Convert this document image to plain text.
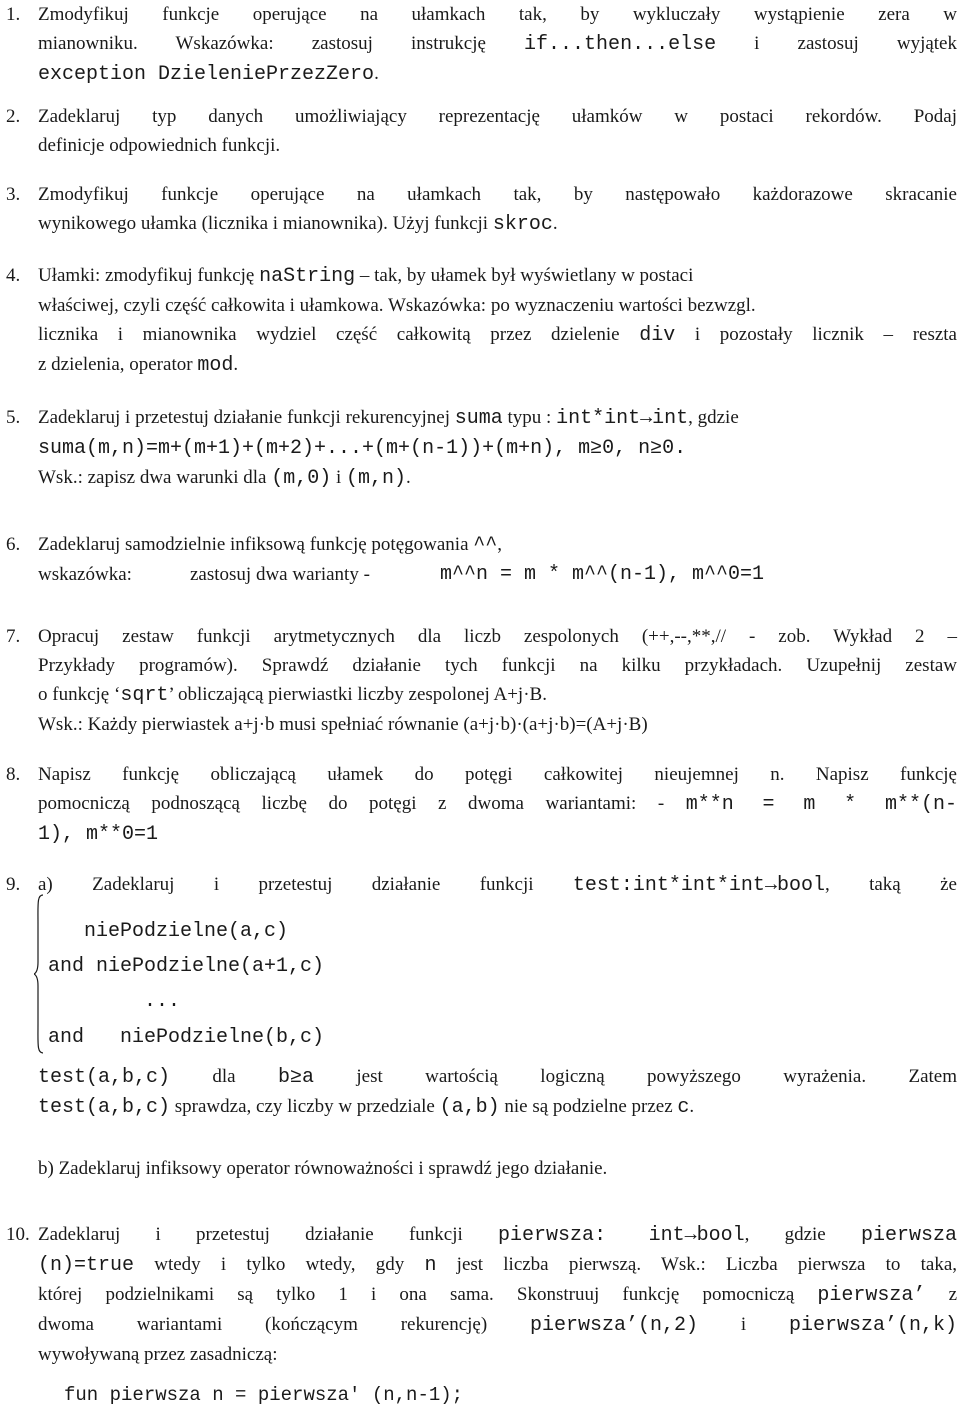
1. Zmodyfikuj funkcje operujące na ułamkach tak, by wykluczały wystąpienie zera w
mianowniku. Wskazówka: zastosuj instrukcję if...then...else i zastosuj wyjątek
exception DzieleniePrzezZero.
2. Zadeklaruj typ danych umożliwiający reprezentację ułamków w postaci rekordów. Podaj
definicje odpowiednich funkcji.
3. Zmodyfikuj funkcje operujące na ułamkach tak, by następowało każdorazowe skracanie
wynikowego ułamka (licznika i mianownika). Użyj funkcji skroc.
4. Ułamki: zmodyfikuj funkcję naString – tak, by ułamek był wyświetlany w postaci
właściwej, czyli część całkowita i ułamkowa. Wskazówka: po wyznaczeniu wartości bezwzgl.
licznika i mianownika wydziel część całkowitą przez dzielenie div i pozostały licznik – reszta
z dzielenia, operator mod.
5. Zadeklaruj i przetestuj działanie funkcji rekurencyjnej suma typu : int*int→int, gdzie
suma(m,n)=m+(m+1)+(m+2)+...+(m+(n-1))+(m+n), m≥0, n≥0.
Wsk.: zapisz dwa warunki dla (m,0) i (m,n).
6. Zadeklaruj samodzielnie infiksową funkcję potęgowania ^^,
wskazówka:	zastosuj dwa warianty -	m^^n = m * m^^(n-1), m^^0=1
7. Opracuj zestaw funkcji arytmetycznych dla liczb zespolonych (++,--,**,// - zob. Wykład 2 –
Przykłady programów). Sprawdź działanie tych funkcji na kilku przykładach. Uzupełnij zestaw
o funkcję ‘sqrt’ obliczającą pierwiastki liczby zespolonej A+j·B.
Wsk.: Każdy pierwiastek a+j·b musi spełniać równanie (a+j·b)·(a+j·b)=(A+j·B)
8. Napisz funkcję obliczającą ułamek do potęgi całkowitej nieujemnej n. Napisz funkcję
pomocniczą podnoszącą liczbę do potęgi z dwoma wariantami: - m**n = m * m**(n-
1), m**0=1
9. a) Zadeklaruj i przetestuj działanie funkcji test:int*int*int→bool, taką że
niePodzielne(a,c)
and niePodzielne(a+1,c)
...
and   niePodzielne(b,c)
test(a,b,c) dla b≥a jest wartością logiczną powyższego wyrażenia. Zatem
test(a,b,c) sprawdza, czy liczby w przedziale (a,b) nie są podzielne przez c.
b) Zadeklaruj infiksowy operator równoważności i sprawdź jego działanie.
10. Zadeklaruj i przetestuj działanie funkcji pierwsza: int→bool, gdzie pierwsza
(n)=true wtedy i tylko wtedy, gdy n jest liczba pierwszą. Wsk.: Liczba pierwsza to taka,
której podzielnikami są tylko 1 i ona sama. Skonstruuj funkcję pomocniczą pierwsza’ z
dwoma wariantami (kończącym rekurencję) pierwsza’(n,2) i pierwsza’(n,k)
wywoływaną przez zasadniczą:
fun pierwsza n = pierwsza' (n,n-1);
